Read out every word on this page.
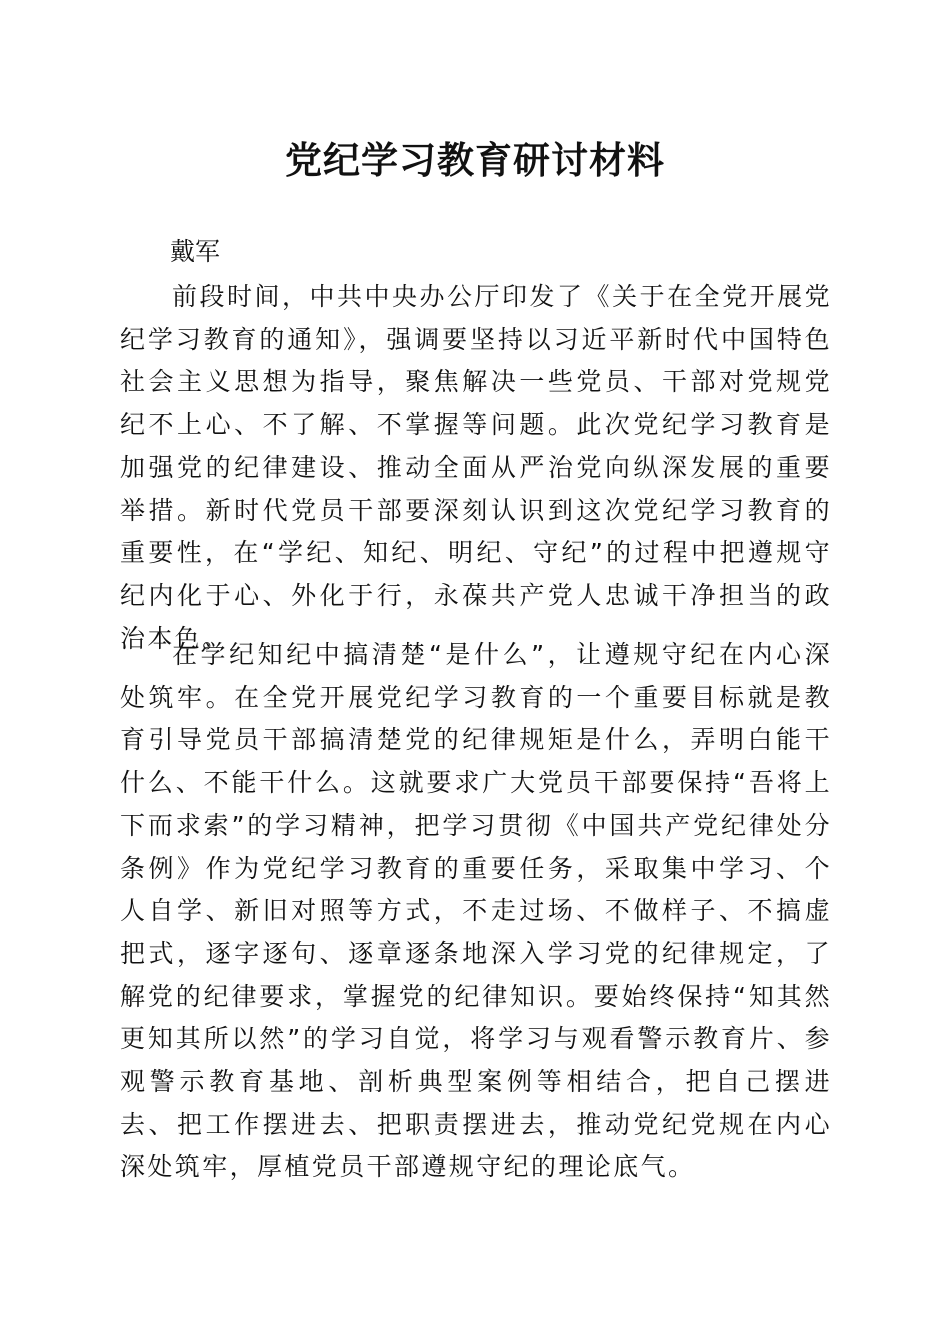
党纪学习教育研讨材料

戴军

前段时间，中共中央办公厅印发了《关于在全党开展党纪学习教育的通知》，强调要坚持以习近平新时代中国特色社会主义思想为指导，聚焦解决一些党员、干部对党规党纪不上心、不了解、不掌握等问题。此次党纪学习教育是加强党的纪律建设、推动全面从严治党向纵深发展的重要举措。新时代党员干部要深刻认识到这次党纪学习教育的重要性，在“学纪、知纪、明纪、守纪”的过程中把遵规守纪内化于心、外化于行，永葆共产党人忠诚干净担当的政治本色。

在学纪知纪中搞清楚“是什么”，让遵规守纪在内心深处筑牢。在全党开展党纪学习教育的一个重要目标就是教育引导党员干部搞清楚党的纪律规矩是什么，弄明白能干什么、不能干什么。这就要求广大党员干部要保持“吾将上下而求索”的学习精神，把学习贯彻《中国共产党纪律处分条例》作为党纪学习教育的重要任务，采取集中学习、个人自学、新旧对照等方式，不走过场、不做样子、不搞虚把式，逐字逐句、逐章逐条地深入学习党的纪律规定，了解党的纪律要求，掌握党的纪律知识。要始终保持“知其然更知其所以然”的学习自觉，将学习与观看警示教育片、参观警示教育基地、剖析典型案例等相结合，把自己摆进去、把工作摆进去、把职责摆进去，推动党纪党规在内心深处筑牢，厚植党员干部遵规守纪的理论底气。
